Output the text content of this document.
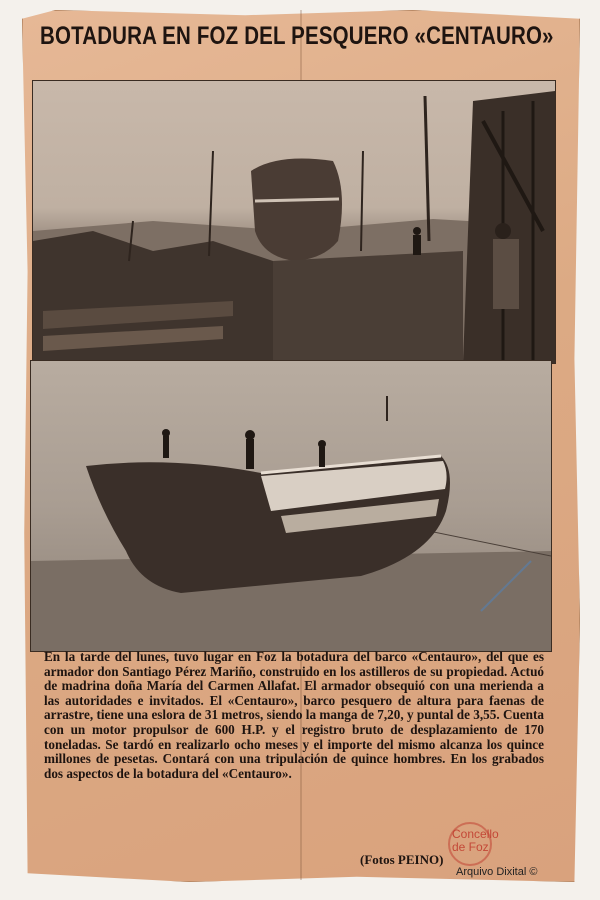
BOTADURA EN FOZ DEL PESQUERO «CENTAURO»
En la tarde del lunes, tuvo lugar en Foz la botadura del barco «Centauro», del que es armador don Santiago Pérez Mariño, construido en los astilleros de su propiedad. Actuó de madrina doña María del Carmen Allafat. El armador obsequió con una merienda a las autoridades e invitados. El «Centauro», barco pesquero de altura para faenas de arrastre, tiene una eslora de 31 metros, siendo la manga de 7,20, y puntal de 3,55. Cuenta con un motor propulsor de 600 H.P. y el registro bruto de desplazamiento de 170 toneladas. Se tardó en realizarlo ocho meses y el importe del mismo alcanza los quince millones de pesetas. Contará con una tripulación de quince hombres. En los grabados dos aspectos de la botadura del «Centauro».
(Fotos PEINO)
Concello
de Foz
Arquivo Dixital ©
